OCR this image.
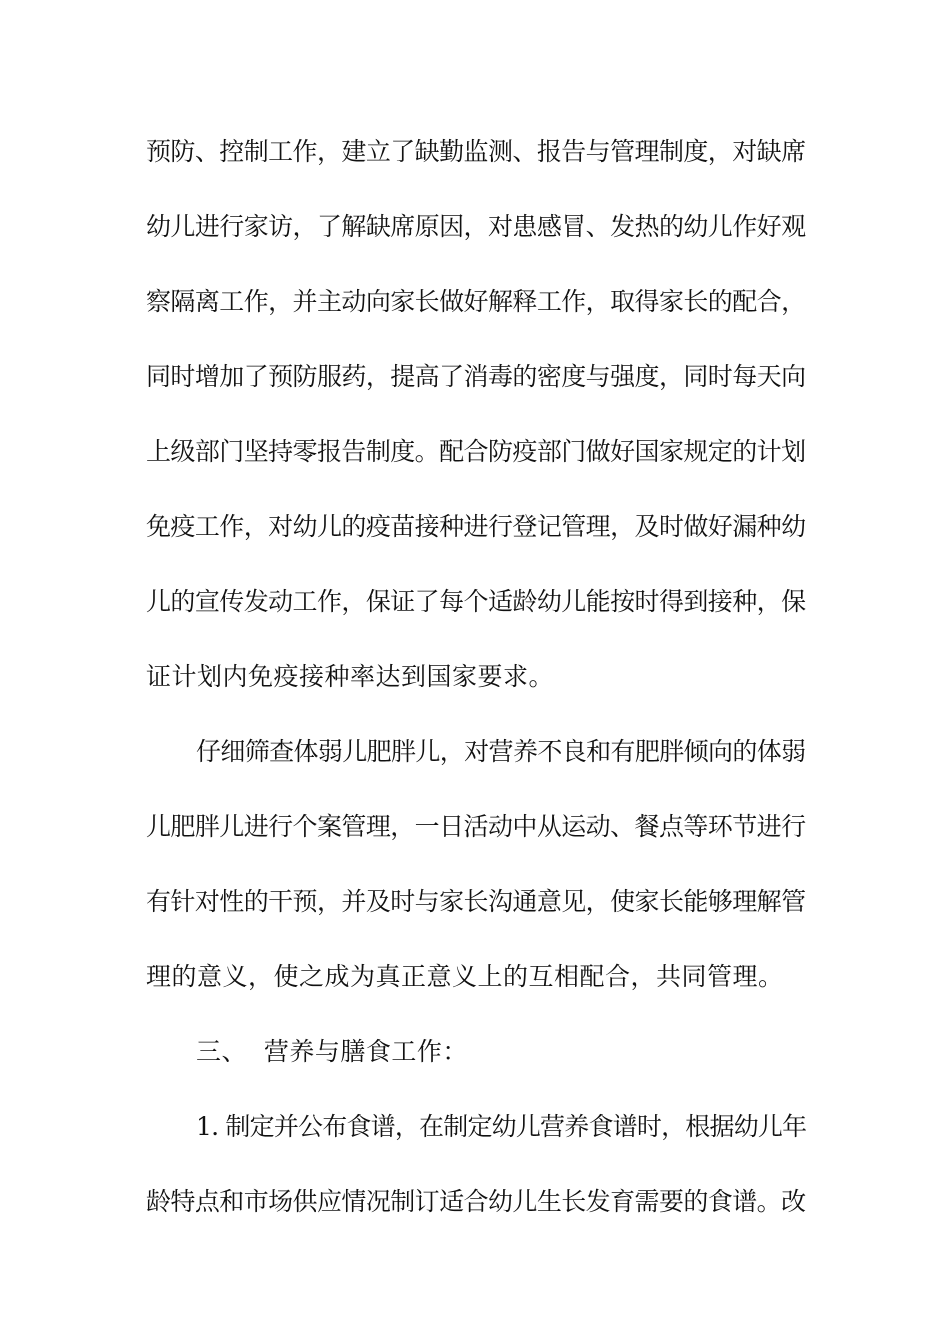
预防、控制工作，建立了缺勤监测、报告与管理制度，对缺席
幼儿进行家访，了解缺席原因，对患感冒、发热的幼儿作好观
察隔离工作，并主动向家长做好解释工作，取得家长的配合，
同时增加了预防服药，提高了消毒的密度与强度，同时每天向
上级部门坚持零报告制度。配合防疫部门做好国家规定的计划
免疫工作，对幼儿的疫苗接种进行登记管理，及时做好漏种幼
儿的宣传发动工作，保证了每个适龄幼儿能按时得到接种，保
证计划内免疫接种率达到国家要求。
仔细筛查体弱儿肥胖儿，对营养不良和有肥胖倾向的体弱
儿肥胖儿进行个案管理，一日活动中从运动、餐点等环节进行
有针对性的干预，并及时与家长沟通意见，使家长能够理解管
理的意义，使之成为真正意义上的互相配合，共同管理。
三、  营养与膳食工作：
1. 制定并公布食谱，在制定幼儿营养食谱时，根据幼儿年
龄特点和市场供应情况制订适合幼儿生长发育需要的食谱。改
